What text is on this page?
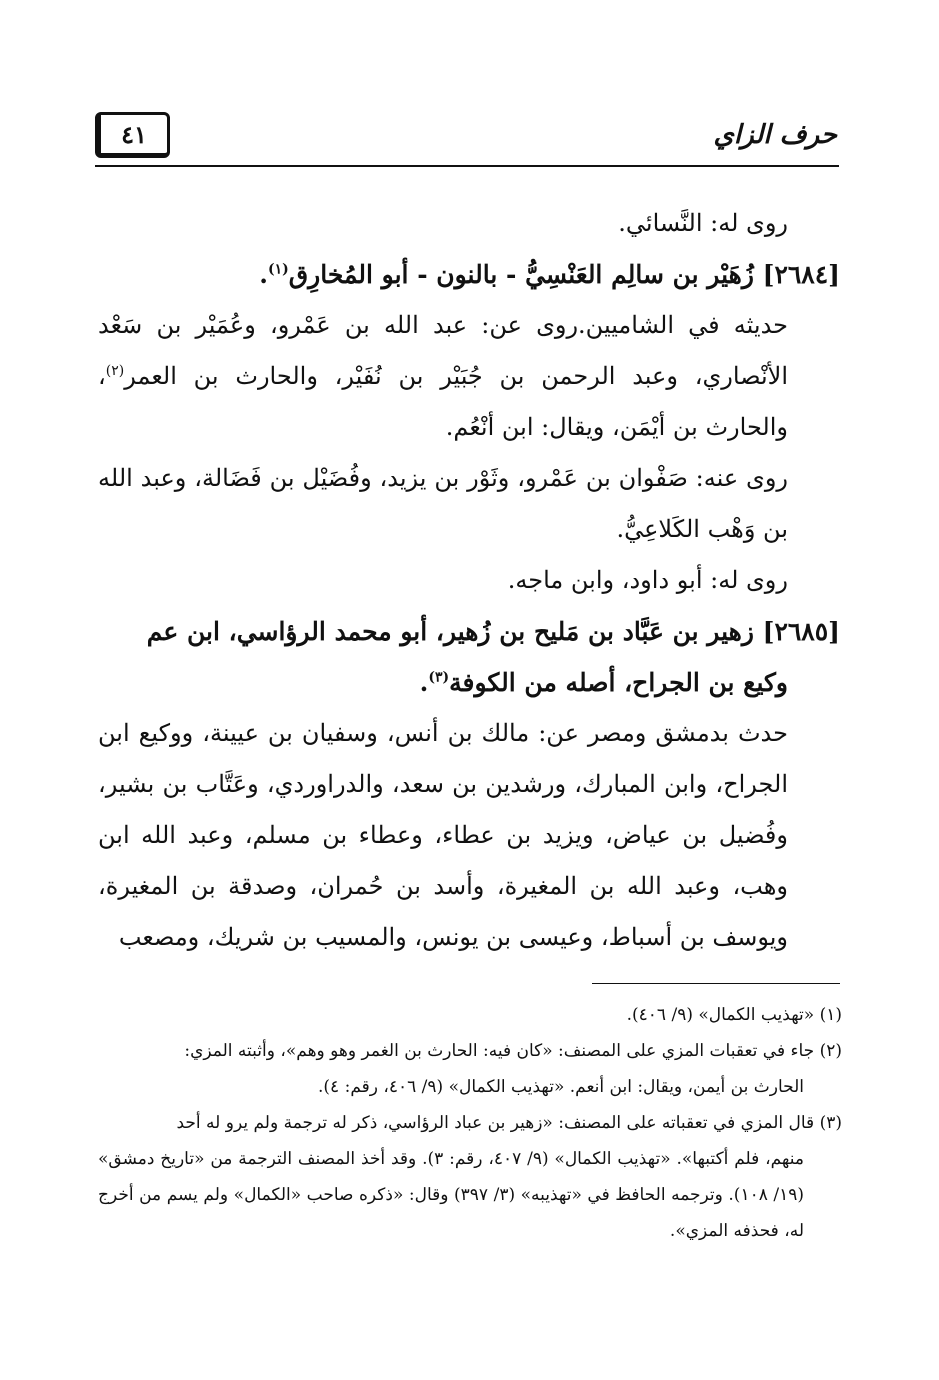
٤١	حرف الزاي

روى له: النَّسائي.

[٢٦٨٤] زُهَيْر بن سالِم العَنْسِيُّ - بالنون - أبو المُخارِق$^{(١)}$.

حديثه في الشاميين.روى عن: عبد الله بن عَمْرو، وعُمَيْر بن سَعْد الأنْصاري، وعبد الرحمن بن جُبَيْر بن نُفَيْر، والحارث بن العمر$^{(٢)}$، والحارث بن أيْمَن، ويقال: ابن أنْعُم.

روى عنه: صَفْوان بن عَمْرو، وثَوْر بن يزيد، وفُضَيْل بن فَضَالة، وعبد الله بن وَهْب الكَلاعِيُّ.

روى له: أبو داود، وابن ماجه.

[٢٦٨٥] زهير بن عَبَّاد بن مَليح بن زُهير، أبو محمد الرؤاسي، ابن عم
وكيع بن الجراح، أصله من الكوفة$^{(٣)}$.

حدث بدمشق ومصر عن: مالك بن أنس، وسفيان بن عيينة، ووكيع ابن الجراح، وابن المبارك، ورشدين بن سعد، والدراوردي، وعَتَّاب بن بشير، وفُضيل بن عياض، ويزيد بن عطاء، وعطاء بن مسلم، وعبد الله ابن وهب، وعبد الله بن المغيرة، وأسد بن حُمران، وصدقة بن المغيرة، ويوسف بن أسباط، وعيسى بن يونس، والمسيب بن شريك، ومصعب

(١) «تهذيب الكمال» (٩/ ٤٠٦).

(٢) جاء في تعقبات المزي على المصنف: «كان فيه: الحارث بن الغمر وهو وهم»، وأثبته المزي:
الحارث بن أيمن، ويقال: ابن أنعم. «تهذيب الكمال» (٩/ ٤٠٦، رقم: ٤).

(٣) قال المزي في تعقباته على المصنف: «زهير بن عباد الرؤاسي، ذكر له ترجمة ولم يرو له أحد
منهم، فلم أكتبها». «تهذيب الكمال» (٩/ ٤٠٧، رقم: ٣). وقد أخذ المصنف الترجمة من «تاريخ دمشق» (١٩/ ١٠٨). وترجمه الحافظ في «تهذيبه» (٣/ ٣٩٧) وقال: «ذكره صاحب «الكمال» ولم يسم من أخرج له، فحذفه المزي».
